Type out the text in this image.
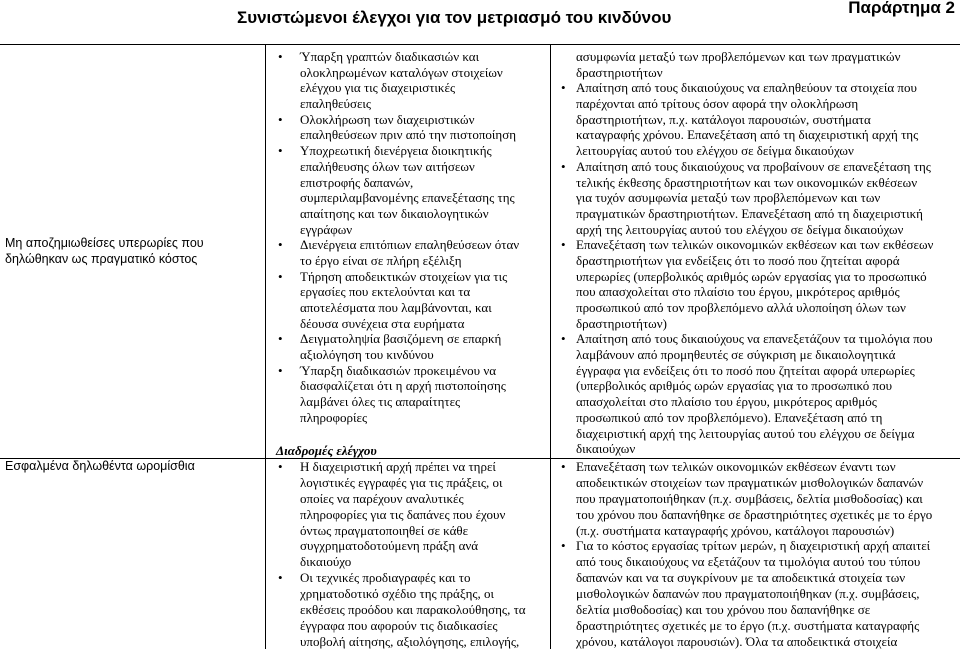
Παράρτημα 2
Συνιστώμενοι έλεγχοι για τον μετριασμό του κινδύνου
Μη αποζημιωθείσες υπερωρίες που
δηλώθηκαν ως πραγματικό κόστος
•
Ύπαρξη γραπτών διαδικασιών και
ολοκληρωμένων καταλόγων στοιχείων
ελέγχου για τις διαχειριστικές
επαληθεύσεις
•
Ολοκλήρωση των διαχειριστικών
επαληθεύσεων πριν από την πιστοποίηση
•
Υποχρεωτική διενέργεια διοικητικής
επαλήθευσης όλων των αιτήσεων
επιστροφής δαπανών,
συμπεριλαμβανομένης επανεξέτασης της
απαίτησης και των δικαιολογητικών
εγγράφων
•
Διενέργεια επιτόπιων επαληθεύσεων όταν
το έργο είναι σε πλήρη εξέλιξη
•
Τήρηση αποδεικτικών στοιχείων για τις
εργασίες που εκτελούνται και τα
αποτελέσματα που λαμβάνονται, και
δέουσα συνέχεια στα ευρήματα
•
Δειγματοληψία βασιζόμενη σε επαρκή
αξιολόγηση του κινδύνου
•
Ύπαρξη διαδικασιών προκειμένου να
διασφαλίζεται ότι η αρχή πιστοποίησης
λαμβάνει όλες τις απαραίτητες
πληροφορίες
Διαδρομές ελέγχου
ασυμφωνία μεταξύ των προβλεπόμενων και των πραγματικών
δραστηριοτήτων
•
Απαίτηση από τους δικαιούχους να επαληθεύουν τα στοιχεία που
παρέχονται από τρίτους όσον αφορά την ολοκλήρωση
δραστηριοτήτων, π.χ. κατάλογοι παρουσιών, συστήματα
καταγραφής χρόνου. Επανεξέταση από τη διαχειριστική αρχή της
λειτουργίας αυτού του ελέγχου σε δείγμα δικαιούχων
•
Απαίτηση από τους δικαιούχους να προβαίνουν σε επανεξέταση της
τελικής έκθεσης δραστηριοτήτων και των οικονομικών εκθέσεων
για τυχόν ασυμφωνία μεταξύ των προβλεπόμενων και των
πραγματικών δραστηριοτήτων. Επανεξέταση από τη διαχειριστική
αρχή της λειτουργίας αυτού του ελέγχου σε δείγμα δικαιούχων
•
Επανεξέταση των τελικών οικονομικών εκθέσεων και των εκθέσεων
δραστηριοτήτων για ενδείξεις ότι το ποσό που ζητείται αφορά
υπερωρίες (υπερβολικός αριθμός ωρών εργασίας για το προσωπικό
που απασχολείται στο πλαίσιο του έργου, μικρότερος αριθμός
προσωπικού από τον προβλεπόμενο αλλά υλοποίηση όλων των
δραστηριοτήτων)
•
Απαίτηση από τους δικαιούχους να επανεξετάζουν τα τιμολόγια που
λαμβάνουν από προμηθευτές σε σύγκριση με δικαιολογητικά
έγγραφα για ενδείξεις ότι το ποσό που ζητείται αφορά υπερωρίες
(υπερβολικός αριθμός ωρών εργασίας για το προσωπικό που
απασχολείται στο πλαίσιο του έργου, μικρότερος αριθμός
προσωπικού από τον προβλεπόμενο). Επανεξέταση από τη
διαχειριστική αρχή της λειτουργίας αυτού του ελέγχου σε δείγμα
δικαιούχων
Εσφαλμένα δηλωθέντα ωρομίσθια
•	Η διαχειριστική αρχή πρέπει να τηρεί
λογιστικές εγγραφές για τις πράξεις, οι
οποίες να παρέχουν αναλυτικές
πληροφορίες για τις δαπάνες που έχουν
όντως πραγματοποιηθεί σε κάθε
συγχρηματοδοτούμενη πράξη ανά
δικαιούχο
•
Οι τεχνικές προδιαγραφές και το
χρηματοδοτικό σχέδιο της πράξης, οι
εκθέσεις προόδου και παρακολούθησης, τα
έγγραφα που αφορούν τις διαδικασίες
υποβολή αίτησης, αξιολόγησης, επιλογής,
•
Επανεξέταση των τελικών οικονομικών εκθέσεων έναντι των
αποδεικτικών στοιχείων των πραγματικών μισθολογικών δαπανών
που πραγματοποιήθηκαν (π.χ. συμβάσεις, δελτία μισθοδοσίας) και
του χρόνου που δαπανήθηκε σε δραστηριότητες σχετικές με το έργο
(π.χ. συστήματα καταγραφής χρόνου, κατάλογοι παρουσιών)
•
Για το κόστος εργασίας τρίτων μερών, η διαχειριστική αρχή απαιτεί
από τους δικαιούχους να εξετάζουν τα τιμολόγια αυτού του τύπου
δαπανών και να τα συγκρίνουν με τα αποδεικτικά στοιχεία των
μισθολογικών δαπανών που πραγματοποιήθηκαν (π.χ. συμβάσεις,
δελτία μισθοδοσίας) και του χρόνου που δαπανήθηκε σε
δραστηριότητες σχετικές με το έργο (π.χ. συστήματα καταγραφής
χρόνου, κατάλογοι παρουσιών). Όλα τα αποδεικτικά στοιχεία
